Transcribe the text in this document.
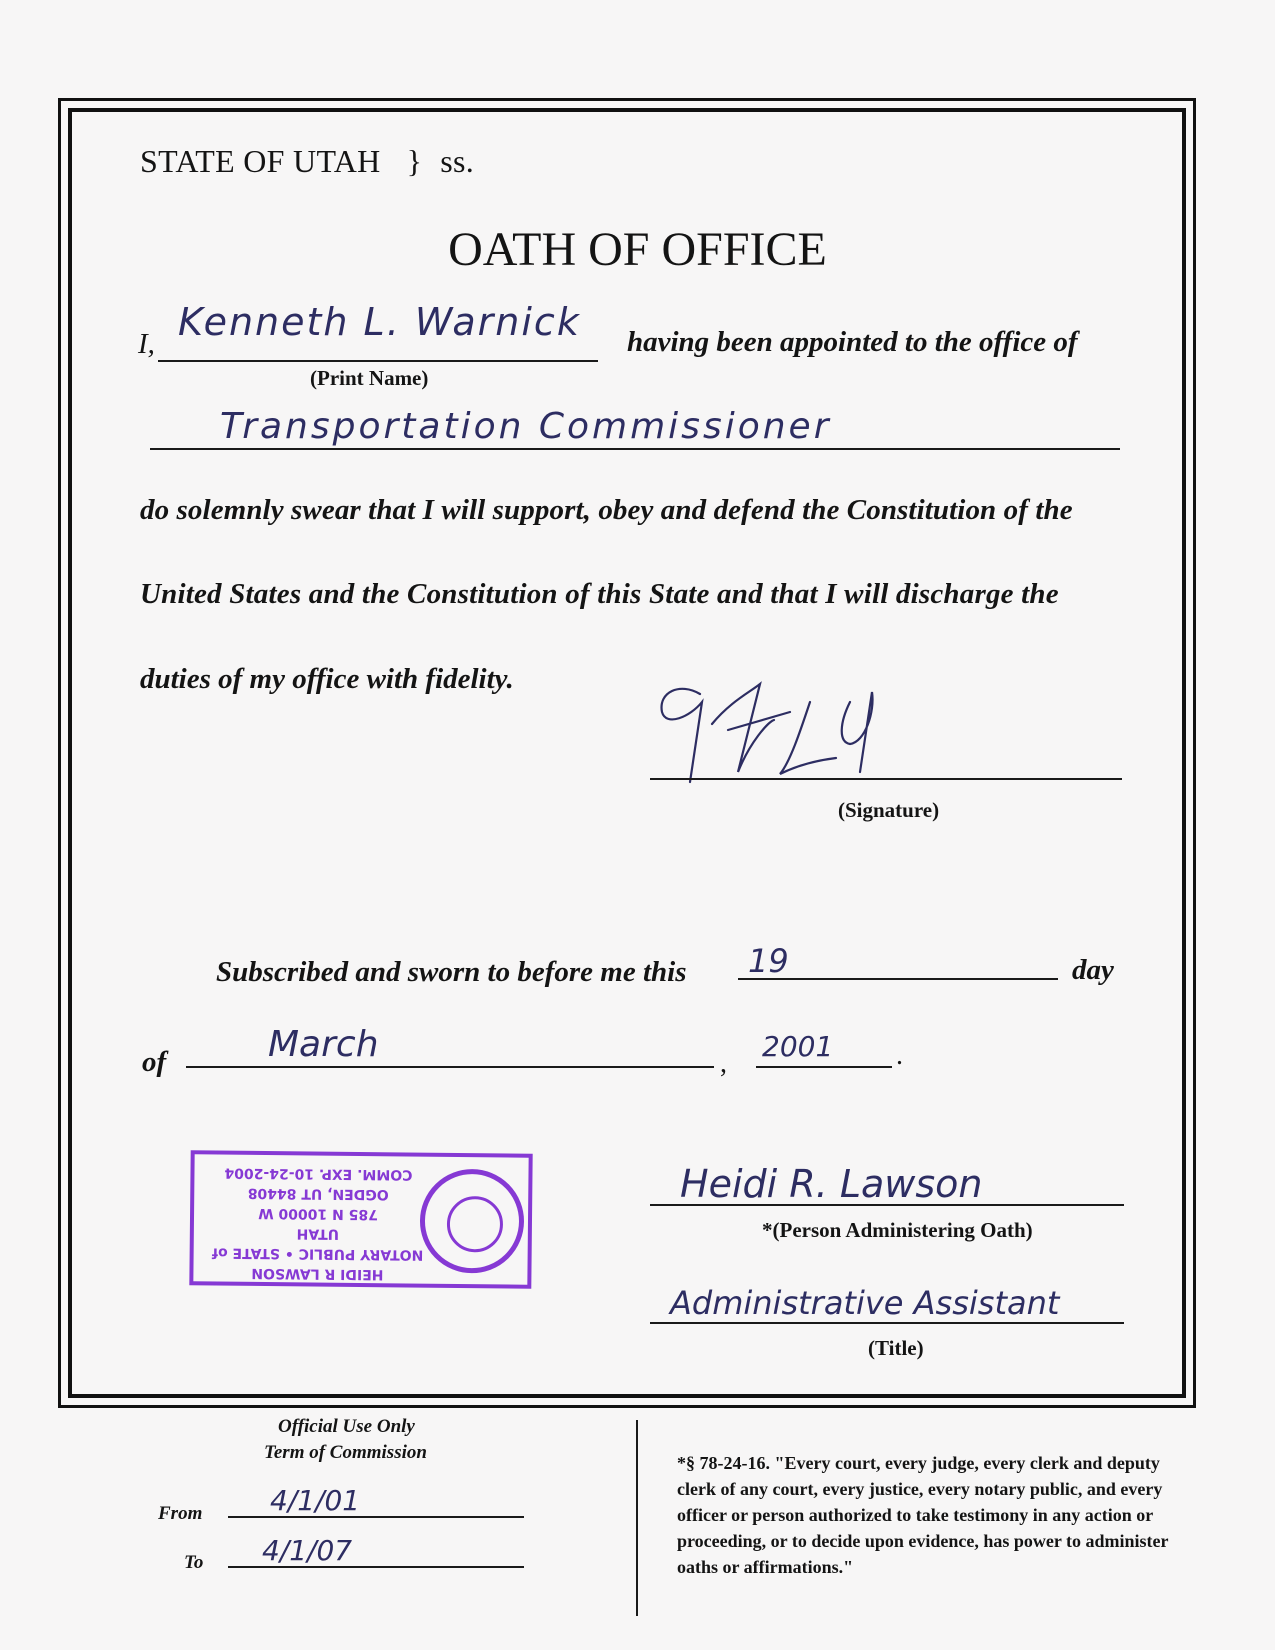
STATE OF UTAH } ss.
OATH OF OFFICE
I, Kenneth L. Warnick having been appointed to the office of
(Print Name)
Transportation Commissioner
do solemnly swear that I will support, obey and defend the Constitution of the
United States and the Constitution of this State and that I will discharge the
duties of my office with fidelity.
(Signature)
Subscribed and sworn to before me this 19	day
of	March	,
2001 .
HEIDI R LAWSON
NOTARY PUBLIC • STATE of UTAH
785 N 10000 W
OGDEN, UT 84408
COMM. EXP. 10-24-2004	Heidi R. Lawson
*(Person Administering Oath)
Administrative Assistant
(Title)
Official Use Only
Term of Commission
From 4/1/01
To 4/1/07
*§ 78-24-16. "Every court, every judge, every clerk and deputy clerk of any court, every justice, every notary public, and every officer or person authorized to take testimony in any action or proceeding, or to decide upon evidence, has power to administer oaths or affirmations."
